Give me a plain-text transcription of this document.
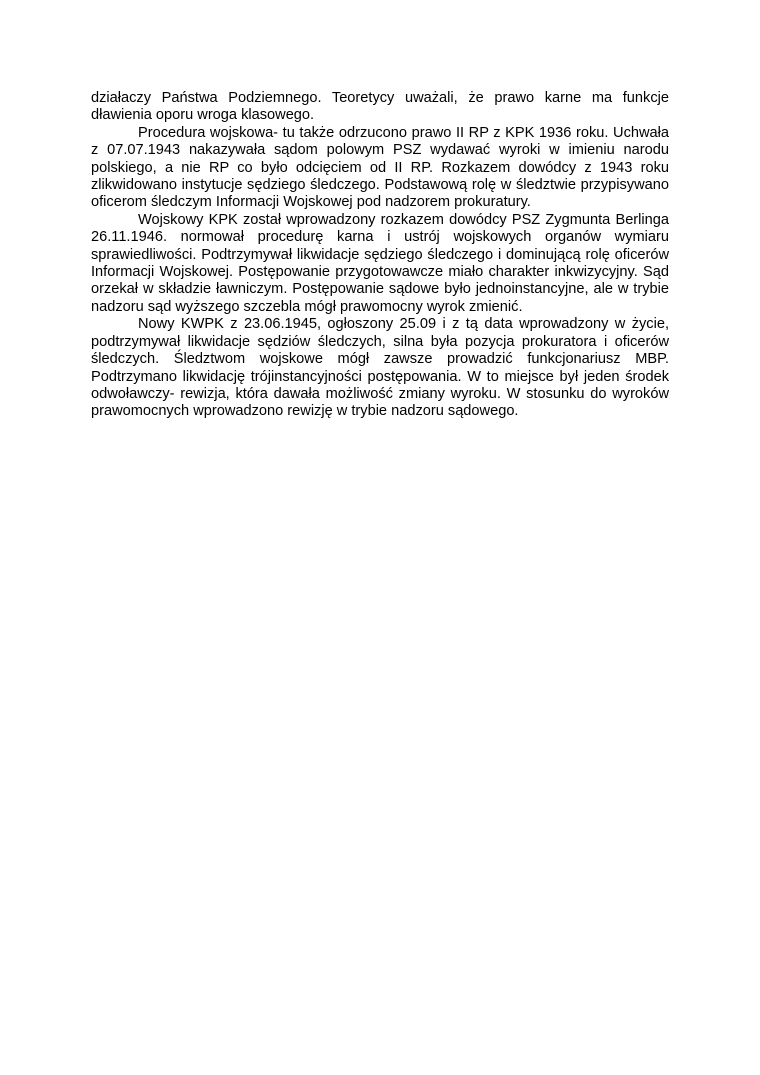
działaczy Państwa Podziemnego. Teoretycy uważali, że prawo karne ma funkcje dławienia oporu wroga klasowego.

Procedura wojskowa- tu także odrzucono prawo II RP z KPK 1936 roku. Uchwała z 07.07.1943 nakazywała sądom polowym PSZ wydawać wyroki w imieniu narodu polskiego, a nie RP co było odcięciem od II RP. Rozkazem dowódcy z 1943 roku zlikwidowano instytucje sędziego śledczego. Podstawową rolę w śledztwie przypisywano oficerom śledczym Informacji Wojskowej pod nadzorem prokuratury.

Wojskowy KPK został wprowadzony rozkazem dowódcy PSZ Zygmunta Berlinga 26.11.1946. normował procedurę karna i ustrój wojskowych organów wymiaru sprawiedliwości. Podtrzymywał likwidacje sędziego śledczego i dominującą rolę oficerów Informacji Wojskowej. Postępowanie przygotowawcze miało charakter inkwizycyjny. Sąd orzekał w składzie ławniczym. Postępowanie sądowe było jednoinstancyjne, ale w trybie nadzoru sąd wyższego szczebla mógł prawomocny wyrok zmienić.

Nowy KWPK z 23.06.1945, ogłoszony 25.09 i z tą data wprowadzony w życie, podtrzymywał likwidacje sędziów śledczych, silna była pozycja prokuratora i oficerów śledczych. Śledztwom wojskowe mógł zawsze prowadzić funkcjonariusz MBP. Podtrzymano likwidację trójinstancyjności postępowania. W to miejsce był jeden środek odwoławczy- rewizja, która dawała możliwość zmiany wyroku. W stosunku do wyroków prawomocnych wprowadzono rewizję w trybie nadzoru sądowego.
